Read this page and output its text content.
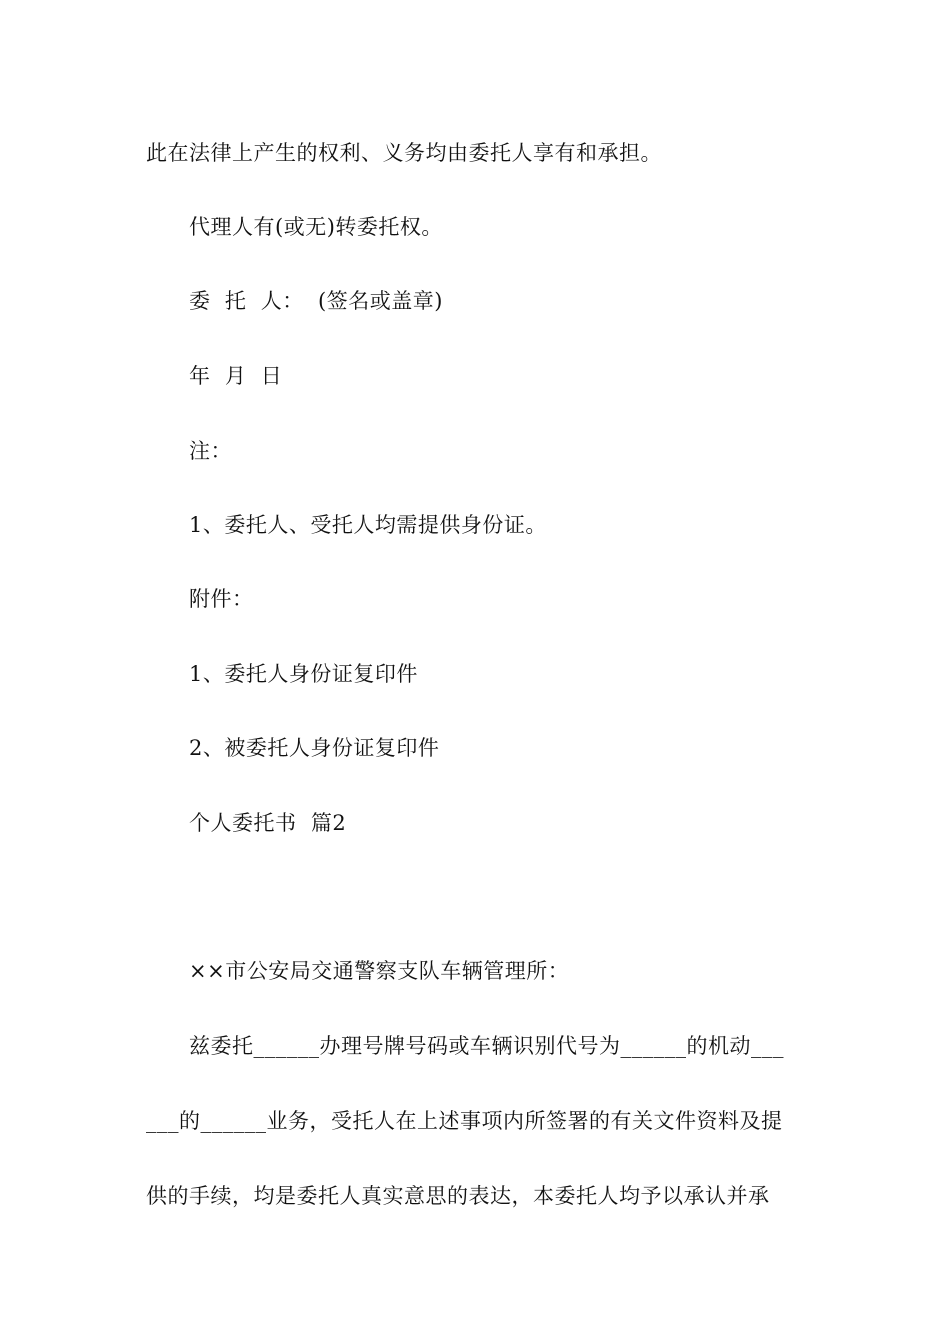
此在法律上产生的权利、义务均由委托人享有和承担。
代理人有(或无)转委托权。
委  托  人：  (签名或盖章)
年  月  日
注：
1、委托人、受托人均需提供身份证。
附件：
1、委托人身份证复印件
2、被委托人身份证复印件
个人委托书  篇2
××市公安局交通警察支队车辆管理所：
兹委托______办理号牌号码或车辆识别代号为______的机动___
___的______业务，受托人在上述事项内所签署的有关文件资料及提
供的手续，均是委托人真实意思的表达，本委托人均予以承认并承
